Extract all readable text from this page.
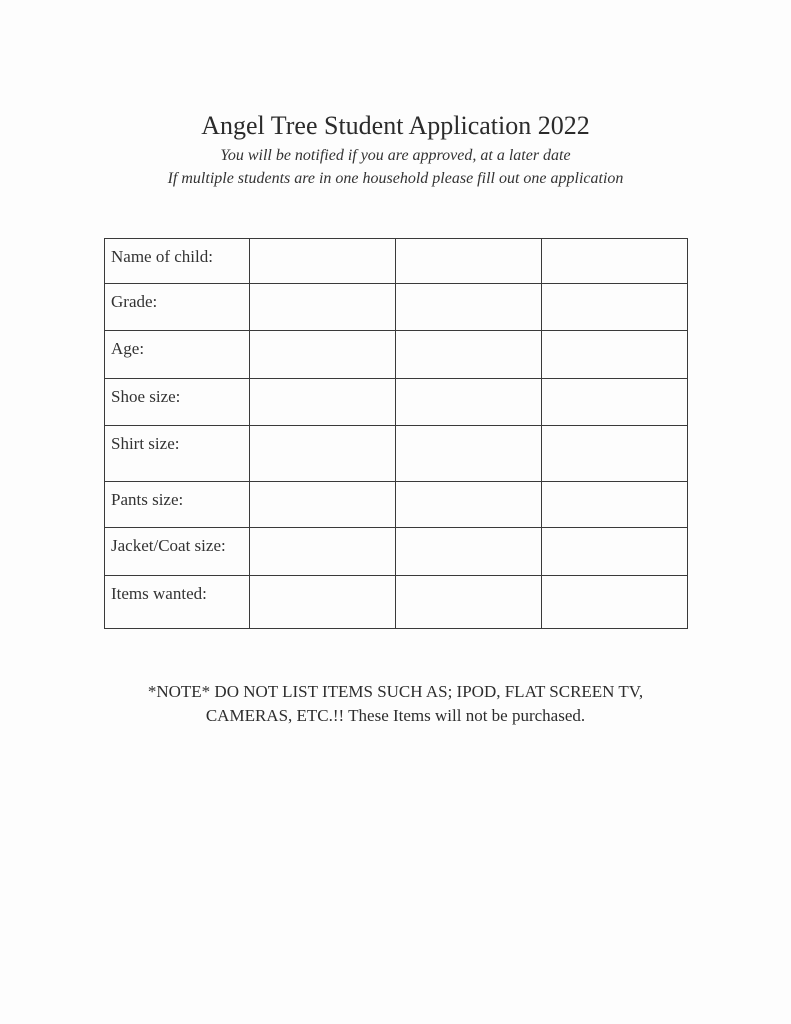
Angel Tree Student Application 2022
You will be notified if you are approved, at a later date
If multiple students are in one household please fill out one application
Name of child:			
Grade:			
Age:			
Shoe size:			
Shirt size:			
Pants size:			
Jacket/Coat size:			
Items wanted:			
*NOTE* DO NOT LIST ITEMS SUCH AS; IPOD, FLAT SCREEN TV,
CAMERAS, ETC.!! These Items will not be purchased.
